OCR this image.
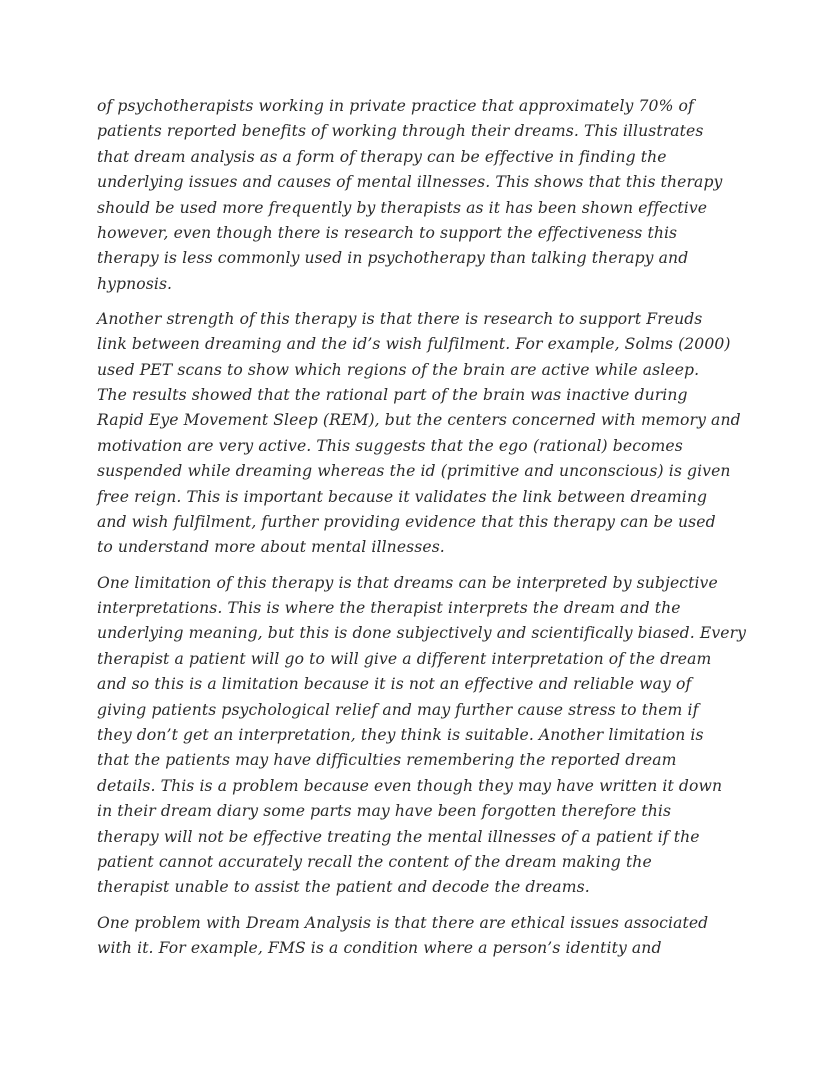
of psychotherapists working in private practice that approximately 70% of
patients reported benefits of working through their dreams. This illustrates
that dream analysis as a form of therapy can be effective in finding the
underlying issues and causes of mental illnesses. This shows that this therapy
should be used more frequently by therapists as it has been shown effective
however, even though there is research to support the effectiveness this
therapy is less commonly used in psychotherapy than talking therapy and
hypnosis.
Another strength of this therapy is that there is research to support Freuds
link between dreaming and the id’s wish fulfilment. For example, Solms (2000)
used PET scans to show which regions of the brain are active while asleep.
The results showed that the rational part of the brain was inactive during
Rapid Eye Movement Sleep (REM), but the centers concerned with memory and
motivation are very active. This suggests that the ego (rational) becomes
suspended while dreaming whereas the id (primitive and unconscious) is given
free reign. This is important because it validates the link between dreaming
and wish fulfilment, further providing evidence that this therapy can be used
to understand more about mental illnesses.
One limitation of this therapy is that dreams can be interpreted by subjective
interpretations. This is where the therapist interprets the dream and the
underlying meaning, but this is done subjectively and scientifically biased. Every
therapist a patient will go to will give a different interpretation of the dream
and so this is a limitation because it is not an effective and reliable way of
giving patients psychological relief and may further cause stress to them if
they don’t get an interpretation, they think is suitable. Another limitation is
that the patients may have difficulties remembering the reported dream
details. This is a problem because even though they may have written it down
in their dream diary some parts may have been forgotten therefore this
therapy will not be effective treating the mental illnesses of a patient if the
patient cannot accurately recall the content of the dream making the
therapist unable to assist the patient and decode the dreams.
One problem with Dream Analysis is that there are ethical issues associated
with it. For example, FMS is a condition where a person’s identity and
